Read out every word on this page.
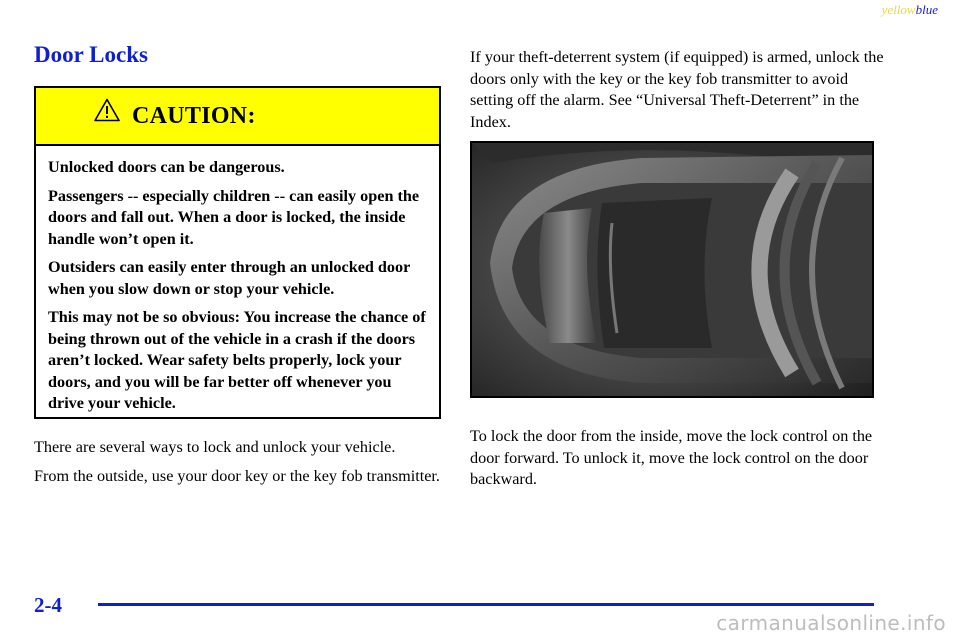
yellowblue
Door Locks
CAUTION:

Unlocked doors can be dangerous.

Passengers -- especially children -- can easily open the doors and fall out. When a door is locked, the inside handle won’t open it.

Outsiders can easily enter through an unlocked door when you slow down or stop your vehicle.

This may not be so obvious: You increase the chance of being thrown out of the vehicle in a crash if the doors aren’t locked. Wear safety belts properly, lock your doors, and you will be far better off whenever you drive your vehicle.

There are several ways to lock and unlock your vehicle.

From the outside, use your door key or the key fob transmitter.

If your theft-deterrent system (if equipped) is armed, unlock the doors only with the key or the key fob transmitter to avoid setting off the alarm. See “Universal Theft-Deterrent” in the Index.

To lock the door from the inside, move the lock control on the door forward. To unlock it, move the lock control on the door backward.

2-4
carmanualsonline.info
